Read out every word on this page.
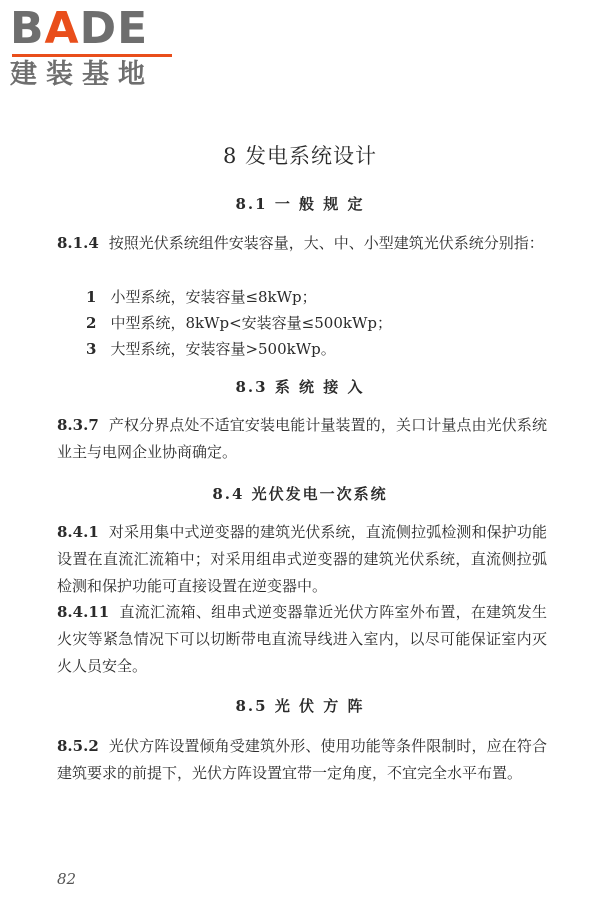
BADE
建装基地
8 发电系统设计
8.1 一 般 规 定
8.1.4 按照光伏系统组件安装容量，大、中、小型建筑光伏系统分别指：
1 小型系统，安装容量≤8kWp；
2 中型系统，8kWp<安装容量≤500kWp；
3 大型系统，安装容量>500kWp。
8.3 系 统 接 入
8.3.7 产权分界点处不适宜安装电能计量装置的，关口计量点由光伏系统业主与电网企业协商确定。
8.4 光伏发电一次系统
8.4.1 对采用集中式逆变器的建筑光伏系统，直流侧拉弧检测和保护功能设置在直流汇流箱中；对采用组串式逆变器的建筑光伏系统，直流侧拉弧检测和保护功能可直接设置在逆变器中。
8.4.11 直流汇流箱、组串式逆变器靠近光伏方阵室外布置，在建筑发生火灾等紧急情况下可以切断带电直流导线进入室内，以尽可能保证室内灭火人员安全。
8.5 光 伏 方 阵
8.5.2 光伏方阵设置倾角受建筑外形、使用功能等条件限制时，应在符合建筑要求的前提下，光伏方阵设置宜带一定角度，不宜完全水平布置。
82
